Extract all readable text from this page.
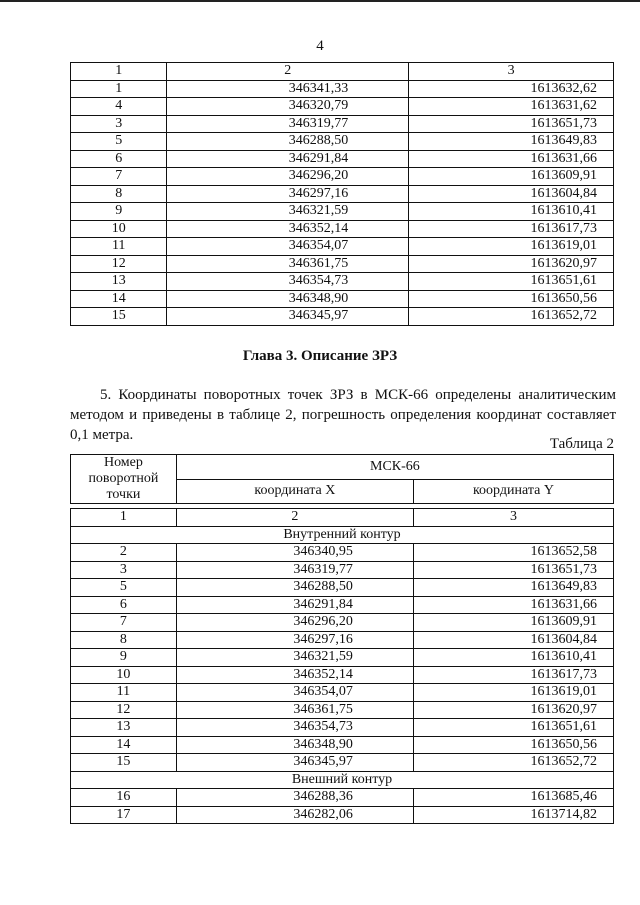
4
1	2	3
1	346341,33	1613632,62
4	346320,79	1613631,62
3	346319,77	1613651,73
5	346288,50	1613649,83
6	346291,84	1613631,66
7	346296,20	1613609,91
8	346297,16	1613604,84
9	346321,59	1613610,41
10	346352,14	1613617,73
11	346354,07	1613619,01
12	346361,75	1613620,97
13	346354,73	1613651,61
14	346348,90	1613650,56
15	346345,97	1613652,72
Глава 3. Описание ЗРЗ

5. Координаты поворотных точек ЗРЗ в МСК-66 определены аналитическим методом и приведены в таблице 2, погрешность определения координат составляет 0,1 метра.

Таблица 2
Номер поворотной точки	МСК-66	
	координата X	координата Y

1	2	3
Внутренний контур		
2	346340,95	1613652,58
3	346319,77	1613651,73
5	346288,50	1613649,83
6	346291,84	1613631,66
7	346296,20	1613609,91
8	346297,16	1613604,84
9	346321,59	1613610,41
10	346352,14	1613617,73
11	346354,07	1613619,01
12	346361,75	1613620,97
13	346354,73	1613651,61
14	346348,90	1613650,56
15	346345,97	1613652,72
Внешний контур		
16	346288,36	1613685,46
17	346282,06	1613714,82
